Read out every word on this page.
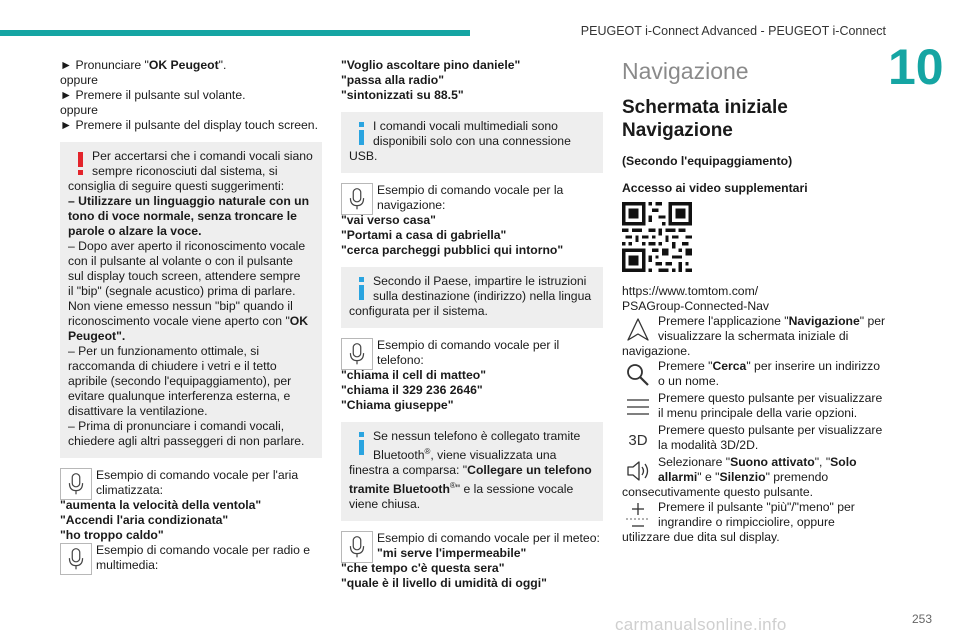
PEUGEOT i-Connect Advanced - PEUGEOT i-Connect
10
► Pronunciare "OK Peugeot".
oppure
► Premere il pulsante sul volante.
oppure
► Premere il pulsante del display touch screen.
Per accertarsi che i comandi vocali siano
sempre riconosciuti dal sistema, si
consiglia di seguire questi suggerimenti:
– Utilizzare un linguaggio naturale con un
tono di voce normale, senza troncare le
parole o alzare la voce.
– Dopo aver aperto il riconoscimento vocale
con il pulsante al volante o con il pulsante
sul display touch screen, attendere sempre
il "bip" (segnale acustico) prima di parlare.
Non viene emesso nessun "bip" quando il
riconoscimento vocale viene aperto con "OK
Peugeot".
– Per un funzionamento ottimale, si
raccomanda di chiudere i vetri e il tetto
apribile (secondo l'equipaggiamento), per
evitare qualunque interferenza esterna, e
disattivare la ventilazione.
– Prima di pronunciare i comandi vocali,
chiedere agli altri passeggeri di non parlare.
Esempio di comando vocale per l'aria
climatizzata:
"aumenta la velocità della ventola"
"Accendi l'aria condizionata"
"ho troppo caldo"
Esempio di comando vocale per radio e
multimedia:
"Voglio ascoltare pino daniele"
"passa alla radio"
"sintonizzati su 88.5"
I comandi vocali multimediali sono
disponibili solo con una connessione
USB.
Esempio di comando vocale per la
navigazione:
"vai verso casa"
"Portami a casa di gabriella"
"cerca parcheggi pubblici qui intorno"
Secondo il Paese, impartire le istruzioni
sulla destinazione (indirizzo) nella lingua
configurata per il sistema.
Esempio di comando vocale per il
telefono:
"chiama il cell di matteo"
"chiama il 329 236 2646"
"Chiama giuseppe"
Se nessun telefono è collegato tramite
Bluetooth®, viene visualizzata una
finestra a comparsa: "Collegare un telefono
tramite Bluetooth®" e la sessione vocale
viene chiusa.
Esempio di comando vocale per il meteo:
"mi serve l'impermeabile"
"che tempo c'è questa sera"
"quale è il livello di umidità di oggi"
Navigazione
Schermata iniziale
Navigazione
(Secondo l'equipaggiamento)
Accesso ai video supplementari
https://www.tomtom.com/
PSAGroup-Connected-Nav
Premere l'applicazione "Navigazione" per
visualizzare la schermata iniziale di
navigazione.
Premere "Cerca" per inserire un indirizzo
o un nome.
Premere questo pulsante per visualizzare
il menu principale della varie opzioni.
3D
Premere questo pulsante per visualizzare
la modalità 3D/2D.
Selezionare "Suono attivato", "Solo
allarmi" e "Silenzio" premendo
consecutivamente questo pulsante.
Premere il pulsante "più"/"meno" per
ingrandire o rimpicciolire, oppure
utilizzare due dita sul display.
carmanualsonline.info	253
